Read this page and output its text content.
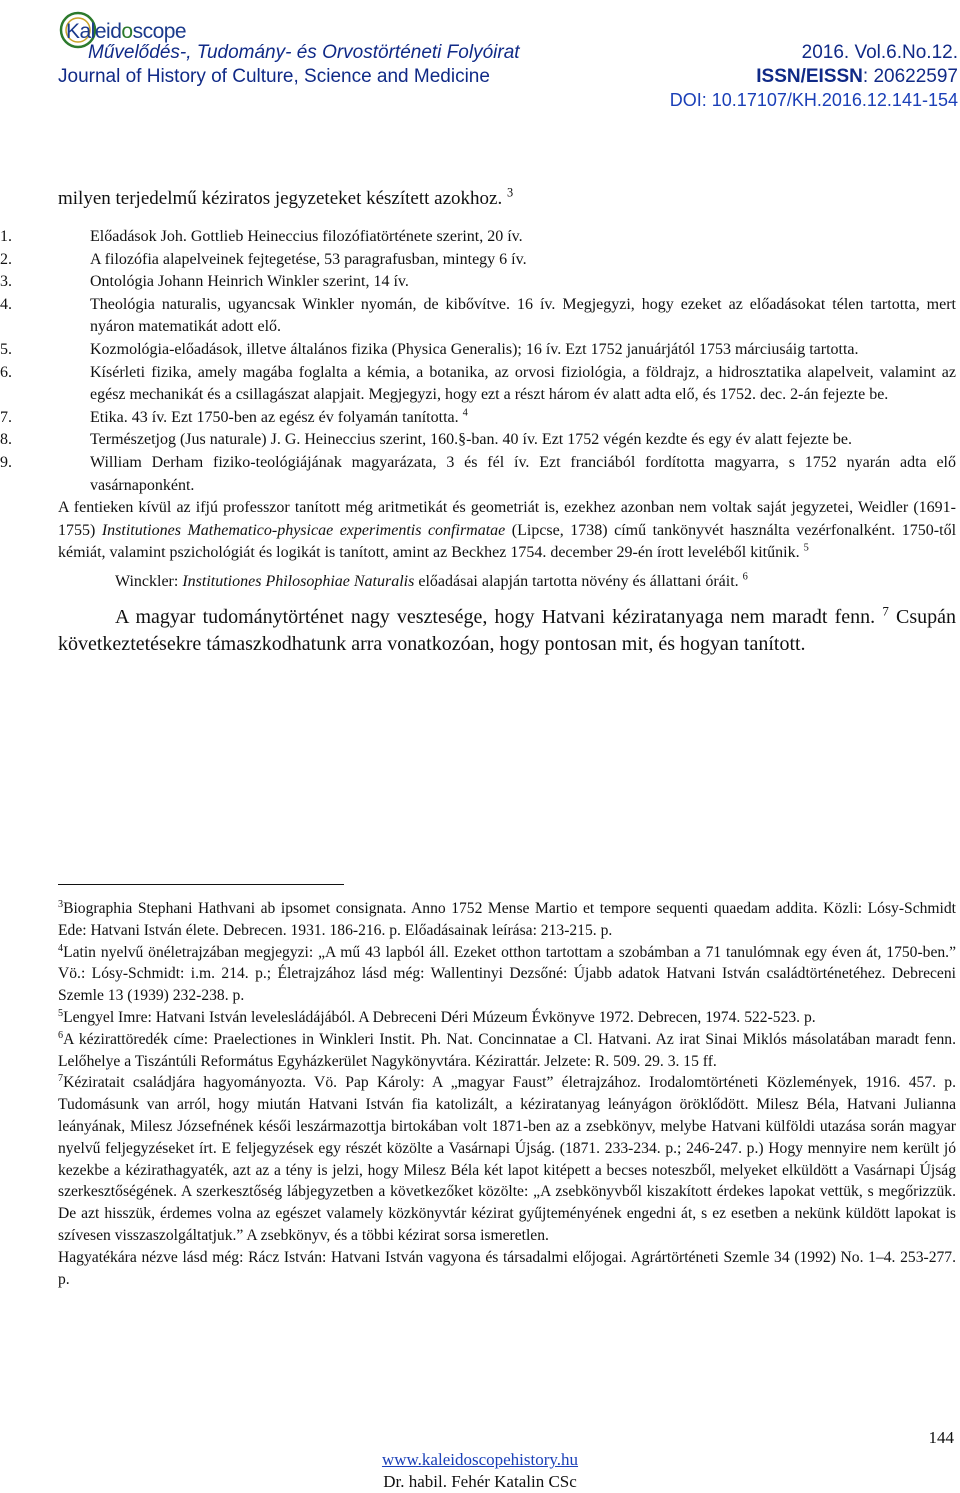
Kaleidoscope
Művelődés-, Tudomány- és Orvostörténeti Folyóirat	2016. Vol.6.No.12.
Journal of History of Culture, Science and Medicine	ISSN/EISSN: 20622597
DOI: 10.17107/KH.2016.12.141-154

milyen terjedelmű kéziratos jegyzeteket készített azokhoz. $^3$

1.	Előadások Joh. Gottlieb Heineccius filozófiatörténete szerint, 20 ív.
2.	A filozófia alapelveinek fejtegetése, 53 paragrafusban, mintegy 6 ív.
3.	Ontológia Johann Heinrich Winkler szerint, 14 ív.
4.	Theológia naturalis, ugyancsak Winkler nyomán, de kibővítve. 16 ív. Megjegyzi, hogy ezeket az előadásokat télen tartotta, mert nyáron matematikát adott elő.
5.	Kozmológia-előadások, illetve általános fizika (Physica Generalis); 16 ív. Ezt 1752 januárjától 1753 márciusáig tartotta.
6.	Kísérleti fizika, amely magába foglalta a kémia, a botanika, az orvosi fiziológia, a földrajz, a hidrosztatika alapelveit, valamint az egész mechanikát és a csillagászat alapjait. Megjegyzi, hogy ezt a részt három év alatt adta elő, és 1752. dec. 2-án fejezte be.
7.	Etika. 43 ív. Ezt 1750-ben az egész év folyamán tanította. $^4$
8.	Természetjog (Jus naturale) J. G. Heineccius szerint, 160.§-ban. 40 ív. Ezt 1752 végén kezdte és egy év alatt fejezte be.
9.	William Derham fiziko-teológiájának magyarázata, 3 és fél ív. Ezt franciából fordította magyarra, s 1752 nyarán adta elő vasárnaponként.

A fentieken kívül az ifjú professzor tanított még aritmetikát és geometriát is, ezekhez azonban nem voltak saját jegyzetei, Weidler (1691-1755) Institutiones Mathematico-physicae experimentis confirmatae (Lipcse, 1738) című tankönyvét használta vezérfonalként. 1750-től kémiát, valamint pszichológiát és logikát is tanított, amint az Beckhez 1754. december 29-én írott leveléből kitűnik. $^5$

Winckler: Institutiones Philosophiae Naturalis előadásai alapján tartotta növény és állattani óráit. $^6$

A magyar tudománytörténet nagy vesztesége, hogy Hatvani kéziratanyaga nem maradt fenn. $^7$ Csupán következtetésekre támaszkodhatunk arra vonatkozóan, hogy pontosan mit, és hogyan tanított.

$^3$Biographia Stephani Hathvani ab ipsomet consignata. Anno 1752 Mense Martio et tempore sequenti quaedam addita. Közli: Lósy-Schmidt Ede: Hatvani István élete. Debrecen. 1931. 186-216. p. Előadásainak leírása: 213-215. p.

$^4$Latin nyelvű önéletrajzában megjegyzi: „A mű 43 lapból áll. Ezeket otthon tartottam a szobámban a 71 tanulómnak egy éven át, 1750-ben.” Vö.: Lósy-Schmidt: i.m. 214. p.; Életrajzához lásd még: Wallentinyi Dezsőné: Újabb adatok Hatvani István családtörténetéhez. Debreceni Szemle 13 (1939) 232-238. p.

$^5$Lengyel Imre: Hatvani István levelesládájából. A Debreceni Déri Múzeum Évkönyve 1972. Debrecen, 1974. 522-523. p.

$^6$A kézirattöredék címe: Praelectiones in Winkleri Instit. Ph. Nat. Concinnatae a Cl. Hatvani. Az irat Sinai Miklós másolatában maradt fenn. Lelőhelye a Tiszántúli Református Egyházkerület Nagykönyvtára. Kézirattár. Jelzete: R. 509. 29. 3. 15 ff.

$^7$Kéziratait családjára hagyományozta. Vö. Pap Károly: A „magyar Faust” életrajzához. Irodalomtörténeti Közlemények, 1916. 457. p. Tudomásunk van arról, hogy miután Hatvani István fia katolizált, a kéziratanyag leányágon öröklődött. Milesz Béla, Hatvani Julianna leányának, Milesz Józsefnének késői leszármazottja birtokában volt 1871-ben az a zsebkönyv, melybe Hatvani külföldi utazása során magyar nyelvű feljegyzéseket írt. E feljegyzések egy részét közölte a Vasárnapi Újság. (1871. 233-234. p.; 246-247. p.) Hogy mennyire nem került jó kezekbe a kézirathagyaték, azt az a tény is jelzi, hogy Milesz Béla két lapot kitépett a becses noteszből, melyeket elküldött a Vasárnapi Újság szerkesztőségének. A szerkesztőség lábjegyzetben a következőket közölte: „A zsebkönyvből kiszakított érdekes lapokat vettük, s megőrizzük. De azt hisszük, érdemes volna az egészet valamely közkönyvtár kézirat gyűjteményének engedni át, s ez esetben a nekünk küldött lapokat is szívesen visszaszolgáltatjuk.” A zsebkönyv, és a többi kézirat sorsa ismeretlen.

Hagyatékára nézve lásd még: Rácz István: Hatvani István vagyona és társadalmi előjogai. Agrártörténeti Szemle 34 (1992) No. 1–4. 253-277. p.

144
www.kaleidoscopehistory.hu
Dr. habil. Fehér Katalin CSc
